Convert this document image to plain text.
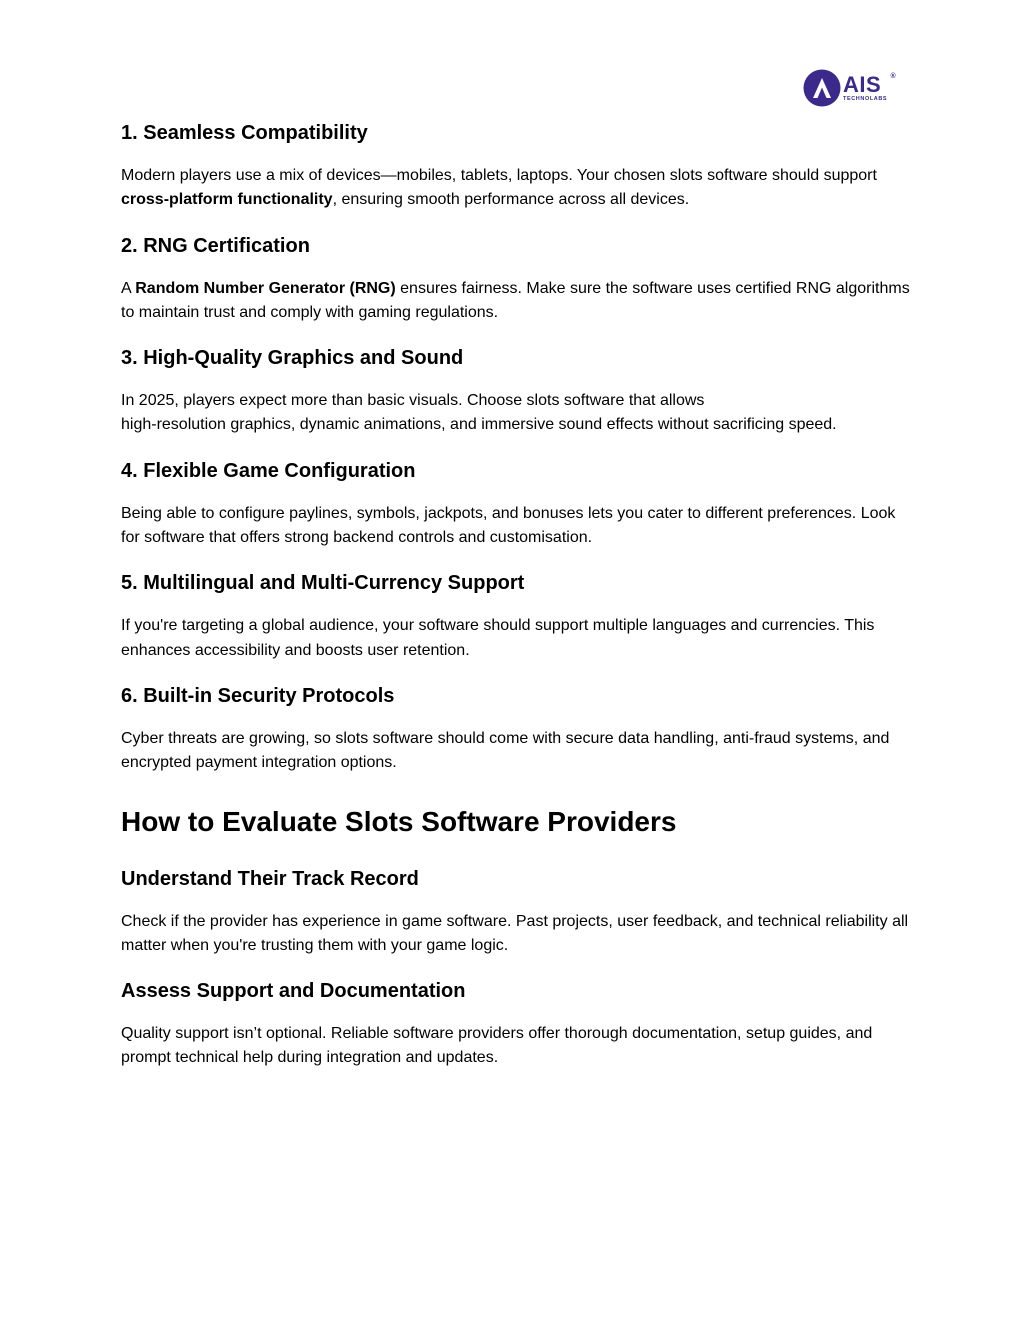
AIS ®
TECHNOLABS
1. Seamless Compatibility

Modern players use a mix of devices—mobiles, tablets, laptops. Your chosen slots software should support cross-platform functionality, ensuring smooth performance across all devices.

2. RNG Certification

A Random Number Generator (RNG) ensures fairness. Make sure the software uses certified RNG algorithms to maintain trust and comply with gaming regulations.

3. High-Quality Graphics and Sound

In 2025, players expect more than basic visuals. Choose slots software that allows
high-resolution graphics, dynamic animations, and immersive sound effects without sacrificing speed.

4. Flexible Game Configuration

Being able to configure paylines, symbols, jackpots, and bonuses lets you cater to different preferences. Look for software that offers strong backend controls and customisation.

5. Multilingual and Multi-Currency Support

If you're targeting a global audience, your software should support multiple languages and currencies. This enhances accessibility and boosts user retention.

6. Built-in Security Protocols

Cyber threats are growing, so slots software should come with secure data handling, anti-fraud systems, and encrypted payment integration options.

How to Evaluate Slots Software Providers
Understand Their Track Record

Check if the provider has experience in game software. Past projects, user feedback, and technical reliability all matter when you're trusting them with your game logic.

Assess Support and Documentation

Quality support isn’t optional. Reliable software providers offer thorough documentation, setup guides, and prompt technical help during integration and updates.
